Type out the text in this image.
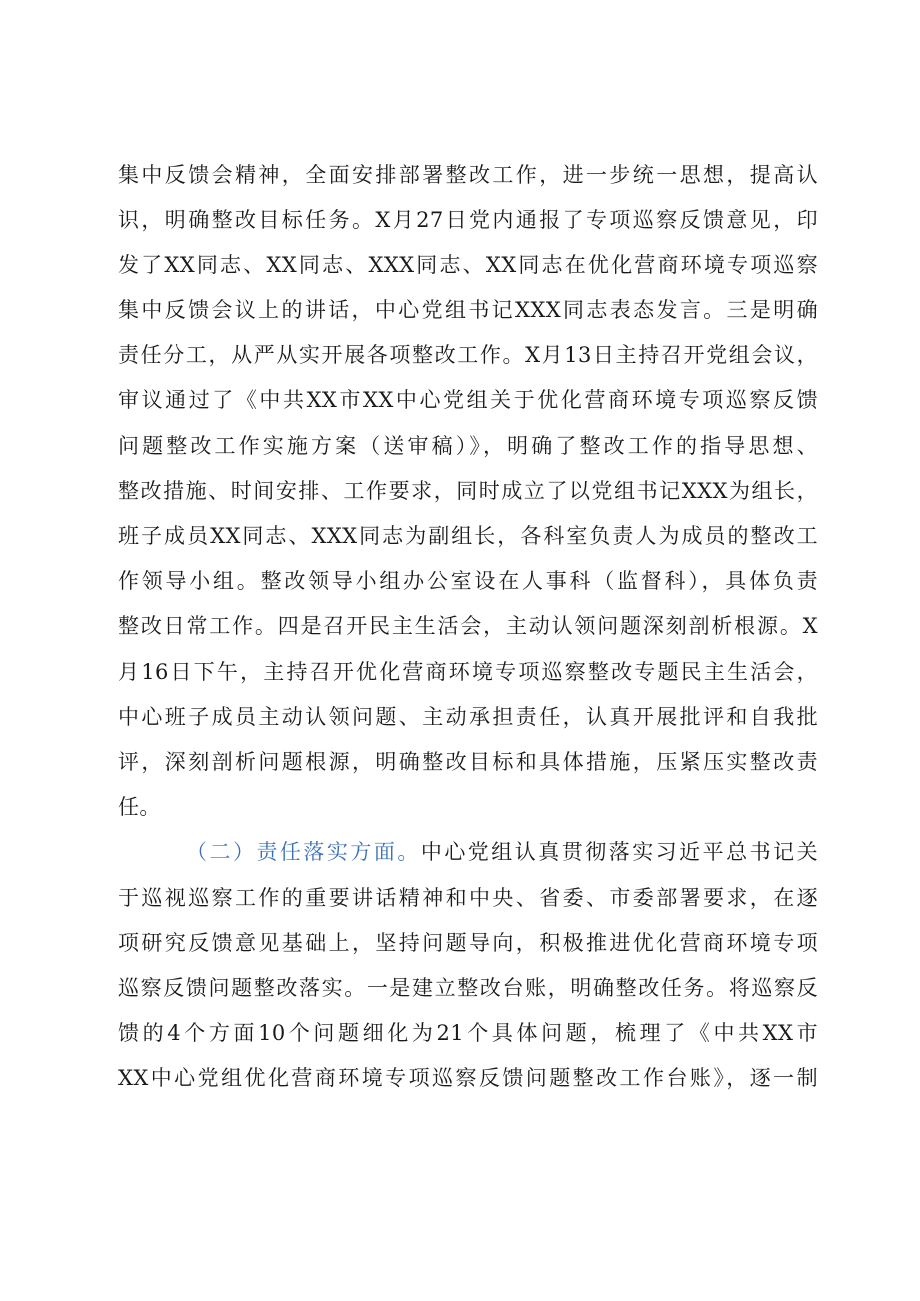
集中反馈会精神，全面安排部署整改工作，进一步统一思想，提高认

识，明确整改目标任务。X月27日党内通报了专项巡察反馈意见，印

发了XX同志、XX同志、XXX同志、XX同志在优化营商环境专项巡察

集中反馈会议上的讲话，中心党组书记XXX同志表态发言。三是明确

责任分工，从严从实开展各项整改工作。X月13日主持召开党组会议，

审议通过了《中共XX市XX中心党组关于优化营商环境专项巡察反馈

问题整改工作实施方案（送审稿）》，明确了整改工作的指导思想、

整改措施、时间安排、工作要求，同时成立了以党组书记XXX为组长，

班子成员XX同志、XXX同志为副组长，各科室负责人为成员的整改工

作领导小组。整改领导小组办公室设在人事科（监督科），具体负责

整改日常工作。四是召开民主生活会，主动认领问题深刻剖析根源。X

月16日下午，主持召开优化营商环境专项巡察整改专题民主生活会，

中心班子成员主动认领问题、主动承担责任，认真开展批评和自我批

评，深刻剖析问题根源，明确整改目标和具体措施，压紧压实整改责

任。

（二）责任落实方面。中心党组认真贯彻落实习近平总书记关

于巡视巡察工作的重要讲话精神和中央、省委、市委部署要求，在逐

项研究反馈意见基础上，坚持问题导向，积极推进优化营商环境专项

巡察反馈问题整改落实。一是建立整改台账，明确整改任务。将巡察反

馈的4个方面10个问题细化为21个具体问题，梳理了《中共XX市

XX中心党组优化营商环境专项巡察反馈问题整改工作台账》，逐一制
